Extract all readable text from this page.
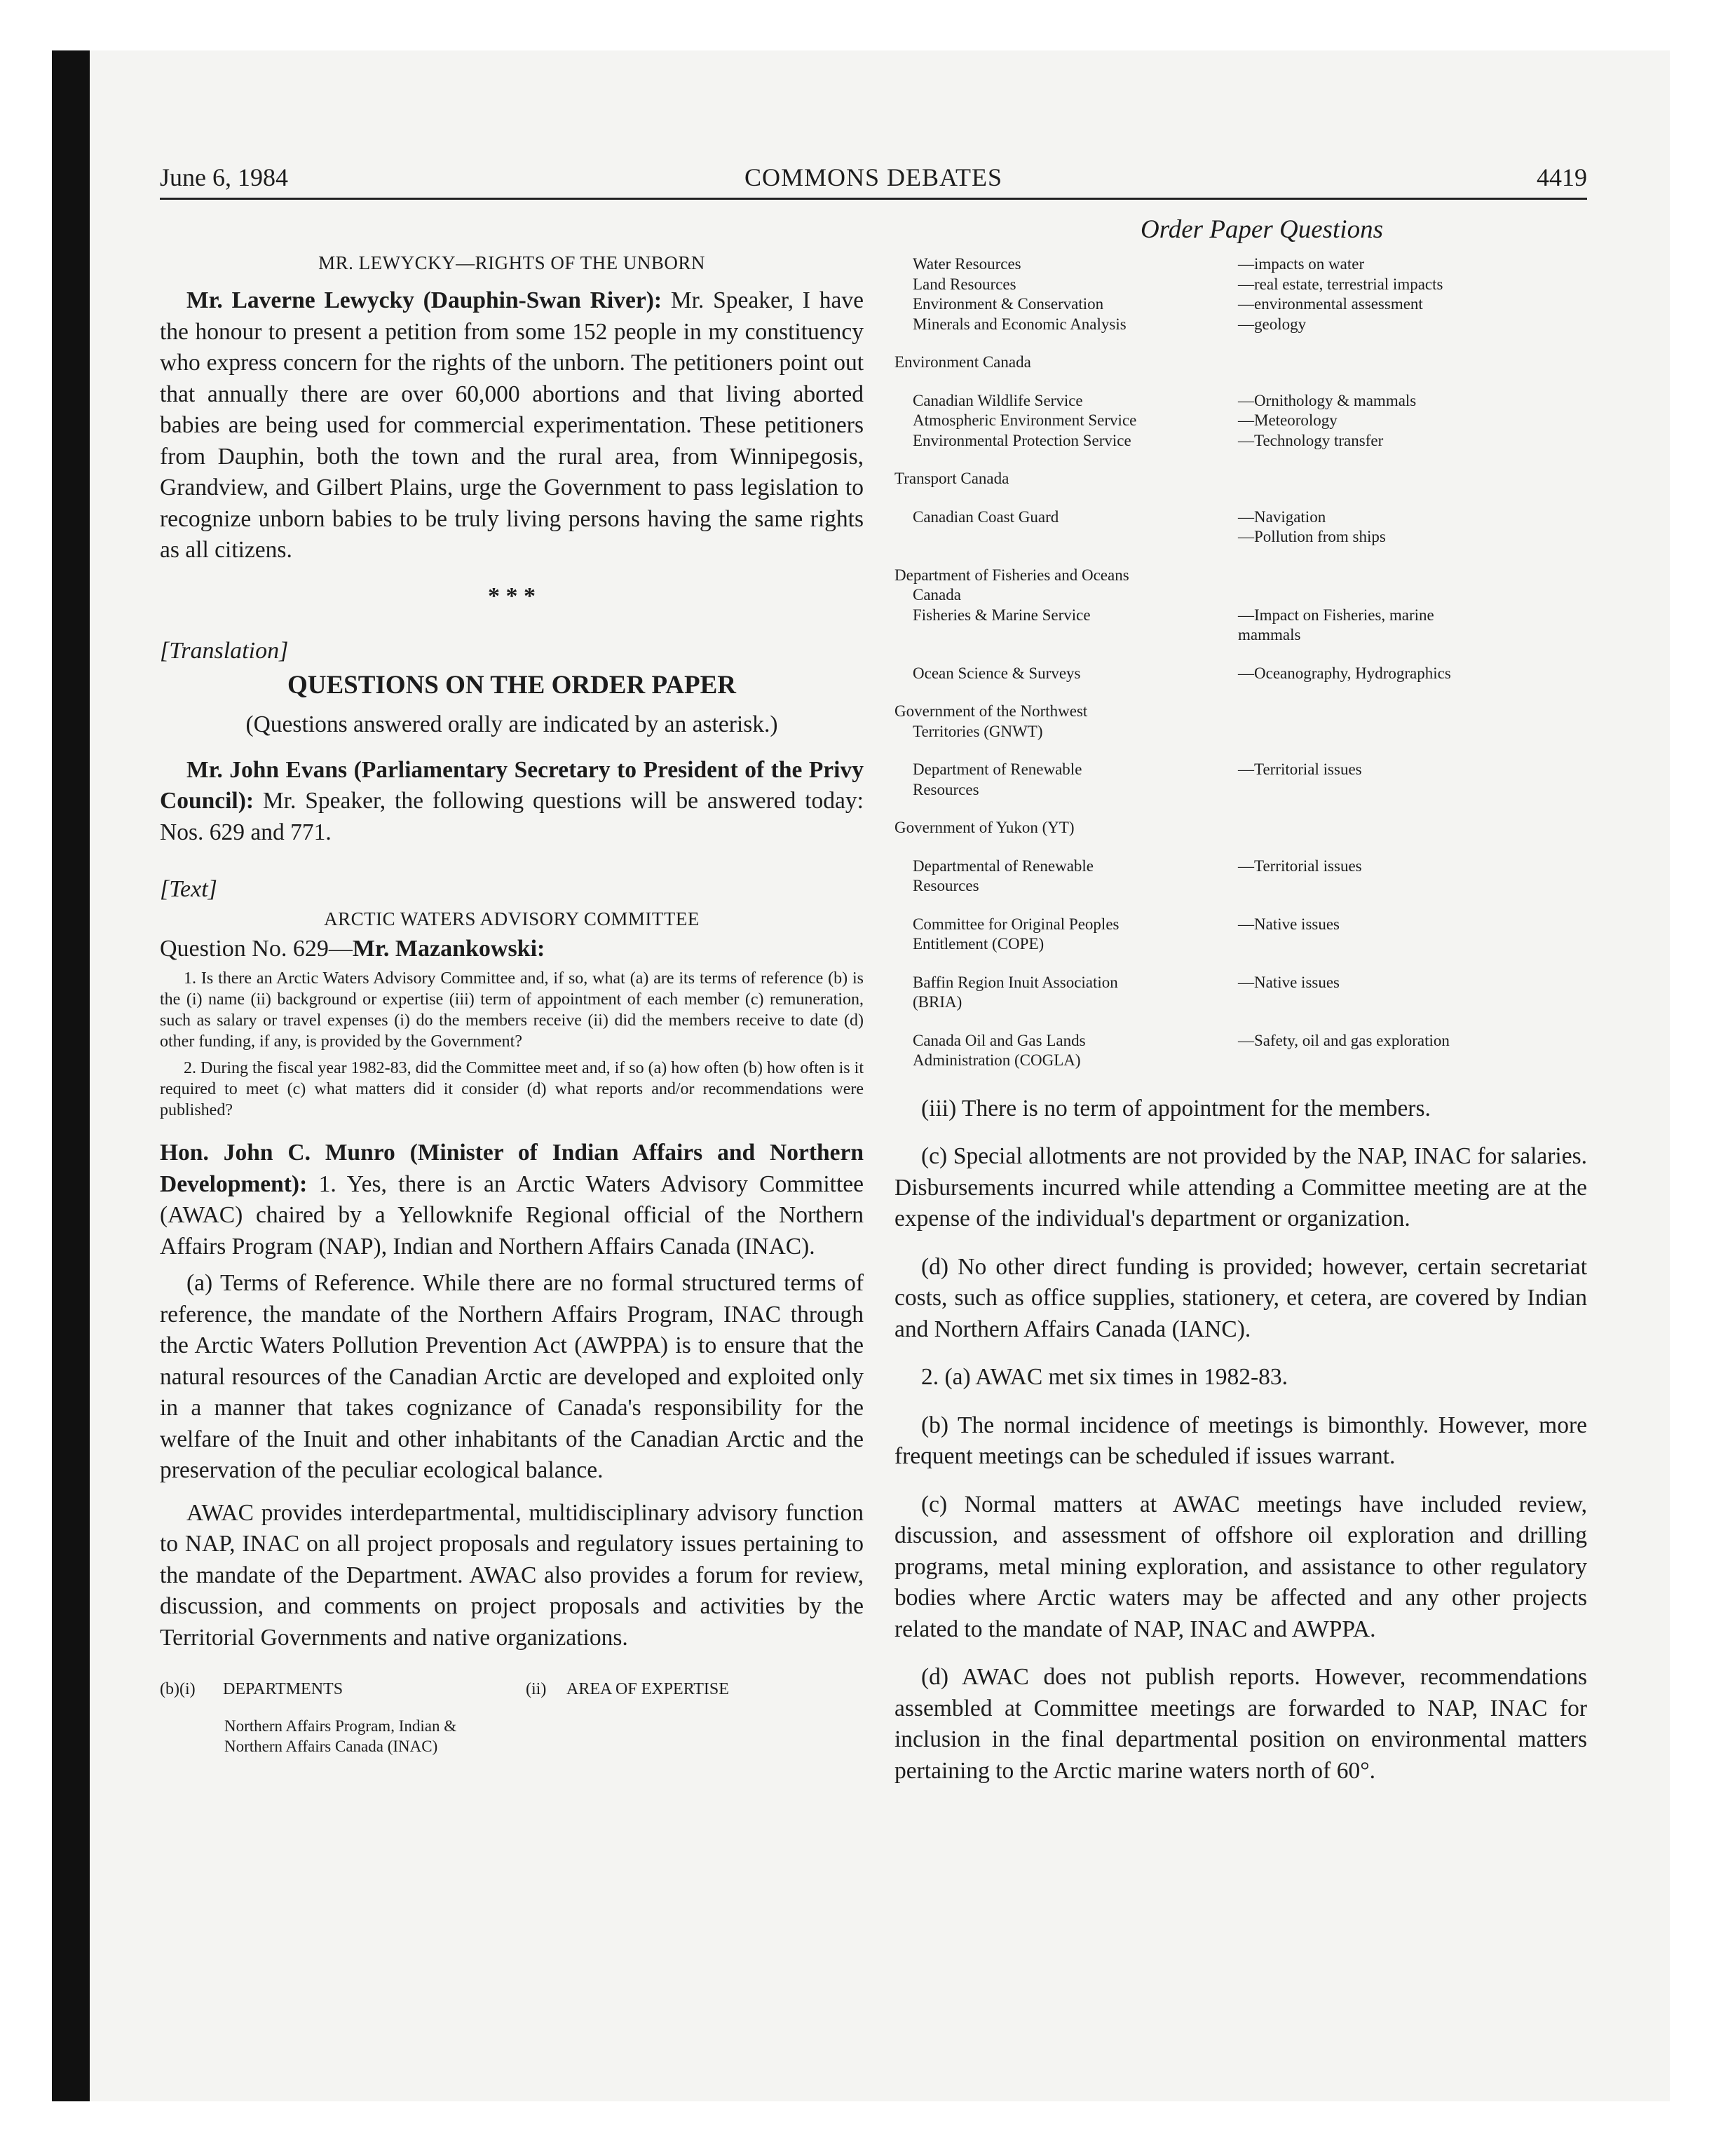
June 6, 1984	COMMONS DEBATES	4419

MR. LEWYCKY—RIGHTS OF THE UNBORN

Mr. Laverne Lewycky (Dauphin-Swan River): Mr. Speaker, I have the honour to present a petition from some 152 people in my constituency who express concern for the rights of the unborn. The petitioners point out that annually there are over 60,000 abortions and that living aborted babies are being used for commercial experimentation. These petitioners from Dauphin, both the town and the rural area, from Winnipegosis, Grandview, and Gilbert Plains, urge the Government to pass legislation to recognize unborn babies to be truly living persons having the same rights as all citizens.

* * *

[Translation]

QUESTIONS ON THE ORDER PAPER

(Questions answered orally are indicated by an asterisk.)

Mr. John Evans (Parliamentary Secretary to President of the Privy Council): Mr. Speaker, the following questions will be answered today: Nos. 629 and 771.

[Text]

ARCTIC WATERS ADVISORY COMMITTEE

Question No. 629—Mr. Mazankowski:

1. Is there an Arctic Waters Advisory Committee and, if so, what (a) are its terms of reference (b) is the (i) name (ii) background or expertise (iii) term of appointment of each member (c) remuneration, such as salary or travel expenses (i) do the members receive (ii) did the members receive to date (d) other funding, if any, is provided by the Government?

2. During the fiscal year 1982-83, did the Committee meet and, if so (a) how often (b) how often is it required to meet (c) what matters did it consider (d) what reports and/or recommendations were published?

Hon. John C. Munro (Minister of Indian Affairs and Northern Development): 1. Yes, there is an Arctic Waters Advisory Committee (AWAC) chaired by a Yellowknife Regional official of the Northern Affairs Program (NAP), Indian and Northern Affairs Canada (INAC).

(a) Terms of Reference. While there are no formal structured terms of reference, the mandate of the Northern Affairs Program, INAC through the Arctic Waters Pollution Prevention Act (AWPPA) is to ensure that the natural resources of the Canadian Arctic are developed and exploited only in a manner that takes cognizance of Canada's responsibility for the welfare of the Inuit and other inhabitants of the Canadian Arctic and the preservation of the peculiar ecological balance.

AWAC provides interdepartmental, multidisciplinary advisory function to NAP, INAC on all project proposals and regulatory issues pertaining to the mandate of the Department. AWAC also provides a forum for review, discussion, and comments on project proposals and activities by the Territorial Governments and native organizations.

(b)(i)	DEPARTMENTS	(ii)	AREA OF EXPERTISE
Northern Affairs Program, Indian &
Northern Affairs Canada (INAC)

Order Paper Questions

Water Resources	—impacts on water
Land Resources	—real estate, terrestrial impacts
Environment & Conservation	—environmental assessment
Minerals and Economic Analysis	—geology
Environment Canada
Canadian Wildlife Service	—Ornithology & mammals
Atmospheric Environment Service	—Meteorology
Environmental Protection Service	—Technology transfer
Transport Canada
Canadian Coast Guard	—Navigation
—Pollution from ships
Department of Fisheries and Oceans
Canada
Fisheries & Marine Service	—Impact on Fisheries, marine
mammals
Ocean Science & Surveys	—Oceanography, Hydrographics
Government of the Northwest
Territories (GNWT)
Department of Renewable	—Territorial issues
Resources
Government of Yukon (YT)
Departmental of Renewable	—Territorial issues
Resources
Committee for Original Peoples	—Native issues
Entitlement (COPE)
Baffin Region Inuit Association	—Native issues
(BRIA)
Canada Oil and Gas Lands	—Safety, oil and gas exploration
Administration (COGLA)

(iii) There is no term of appointment for the members.

(c) Special allotments are not provided by the NAP, INAC for salaries. Disbursements incurred while attending a Committee meeting are at the expense of the individual's department or organization.

(d) No other direct funding is provided; however, certain secretariat costs, such as office supplies, stationery, et cetera, are covered by Indian and Northern Affairs Canada (IANC).

2. (a) AWAC met six times in 1982-83.

(b) The normal incidence of meetings is bimonthly. However, more frequent meetings can be scheduled if issues warrant.

(c) Normal matters at AWAC meetings have included review, discussion, and assessment of offshore oil exploration and drilling programs, metal mining exploration, and assistance to other regulatory bodies where Arctic waters may be affected and any other projects related to the mandate of NAP, INAC and AWPPA.

(d) AWAC does not publish reports. However, recommendations assembled at Committee meetings are forwarded to NAP, INAC for inclusion in the final departmental position on environmental matters pertaining to the Arctic marine waters north of 60°.
